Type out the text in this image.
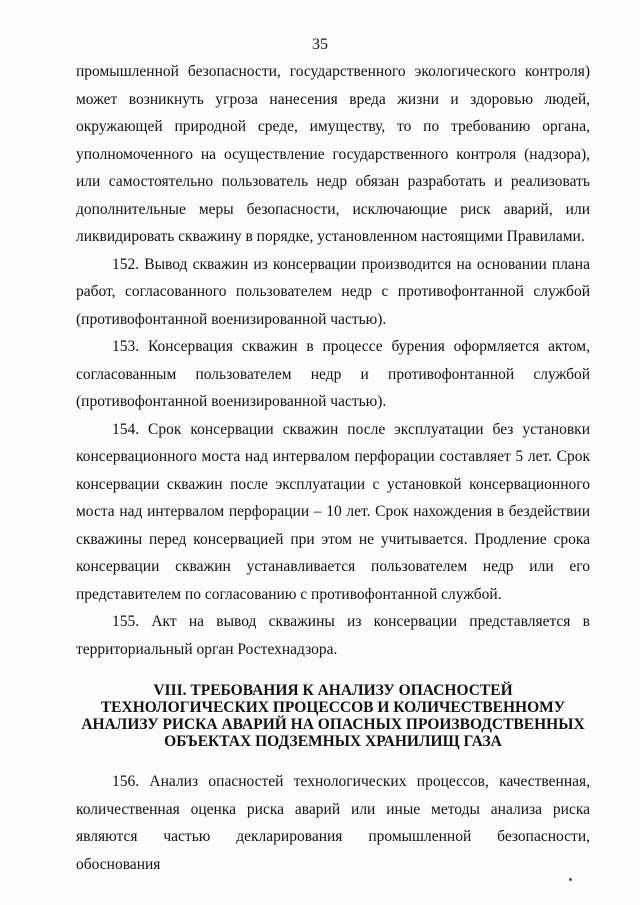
35

промышленной безопасности, государственного экологического контроля) может возникнуть угроза нанесения вреда жизни и здоровью людей, окружающей природной среде, имуществу, то по требованию органа, уполномоченного на осуществление государственного контроля (надзора), или самостоятельно пользователь недр обязан разработать и реализовать дополнительные меры безопасности, исключающие риск аварий, или ликвидировать скважину в порядке, установленном настоящими Правилами.

152. Вывод скважин из консервации производится на основании плана работ, согласованного пользователем недр с противофонтанной службой (противофонтанной военизированной частью).

153. Консервация скважин в процессе бурения оформляется актом, согласованным пользователем недр и противофонтанной службой (противофонтанной военизированной частью).

154. Срок консервации скважин после эксплуатации без установки консервационного моста над интервалом перфорации составляет 5 лет. Срок консервации скважин после эксплуатации с установкой консервационного моста над интервалом перфорации – 10 лет. Срок нахождения в бездействии скважины перед консервацией при этом не учитывается. Продление срока консервации скважин устанавливается пользователем недр или его представителем по согласованию с противофонтанной службой.

155. Акт на вывод скважины из консервации представляется в территориальный орган Ростехнадзора.

VIII. ТРЕБОВАНИЯ К АНАЛИЗУ ОПАСНОСТЕЙ
ТЕХНОЛОГИЧЕСКИХ ПРОЦЕССОВ И КОЛИЧЕСТВЕННОМУ
АНАЛИЗУ РИСКА АВАРИЙ НА ОПАСНЫХ ПРОИЗВОДСТВЕННЫХ
ОБЪЕКТАХ ПОДЗЕМНЫХ ХРАНИЛИЩ ГАЗА

156. Анализ опасностей технологических процессов, качественная, количественная оценка риска аварий или иные методы анализа риска являются частью декларирования промышленной безопасности, обоснования
